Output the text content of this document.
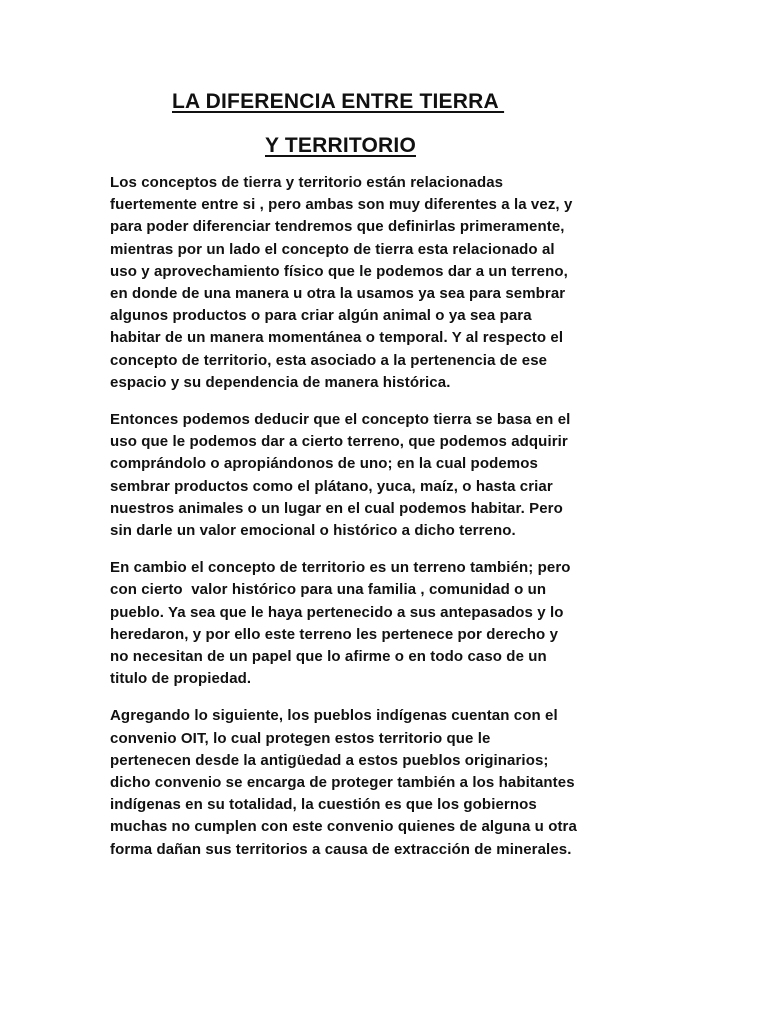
LA DIFERENCIA ENTRE TIERRA
Y TERRITORIO

Los conceptos de tierra y territorio están relacionadas
fuertemente entre si , pero ambas son muy diferentes a la vez, y
para poder diferenciar tendremos que definirlas primeramente,
mientras por un lado el concepto de tierra esta relacionado al
uso y aprovechamiento físico que le podemos dar a un terreno,
en donde de una manera u otra la usamos ya sea para sembrar
algunos productos o para criar algún animal o ya sea para
habitar de un manera momentánea o temporal. Y al respecto el
concepto de territorio, esta asociado a la pertenencia de ese
espacio y su dependencia de manera histórica.

Entonces podemos deducir que el concepto tierra se basa en el
uso que le podemos dar a cierto terreno, que podemos adquirir
comprándolo o apropiándonos de uno; en la cual podemos
sembrar productos como el plátano, yuca, maíz, o hasta criar
nuestros animales o un lugar en el cual podemos habitar. Pero
sin darle un valor emocional o histórico a dicho terreno.

En cambio el concepto de territorio es un terreno también; pero
con cierto  valor histórico para una familia , comunidad o un
pueblo. Ya sea que le haya pertenecido a sus antepasados y lo
heredaron, y por ello este terreno les pertenece por derecho y
no necesitan de un papel que lo afirme o en todo caso de un
titulo de propiedad.

Agregando lo siguiente, los pueblos indígenas cuentan con el
convenio OIT, lo cual protegen estos territorio que le
pertenecen desde la antigüedad a estos pueblos originarios;
dicho convenio se encarga de proteger también a los habitantes
indígenas en su totalidad, la cuestión es que los gobiernos
muchas no cumplen con este convenio quienes de alguna u otra
forma dañan sus territorios a causa de extracción de minerales.
